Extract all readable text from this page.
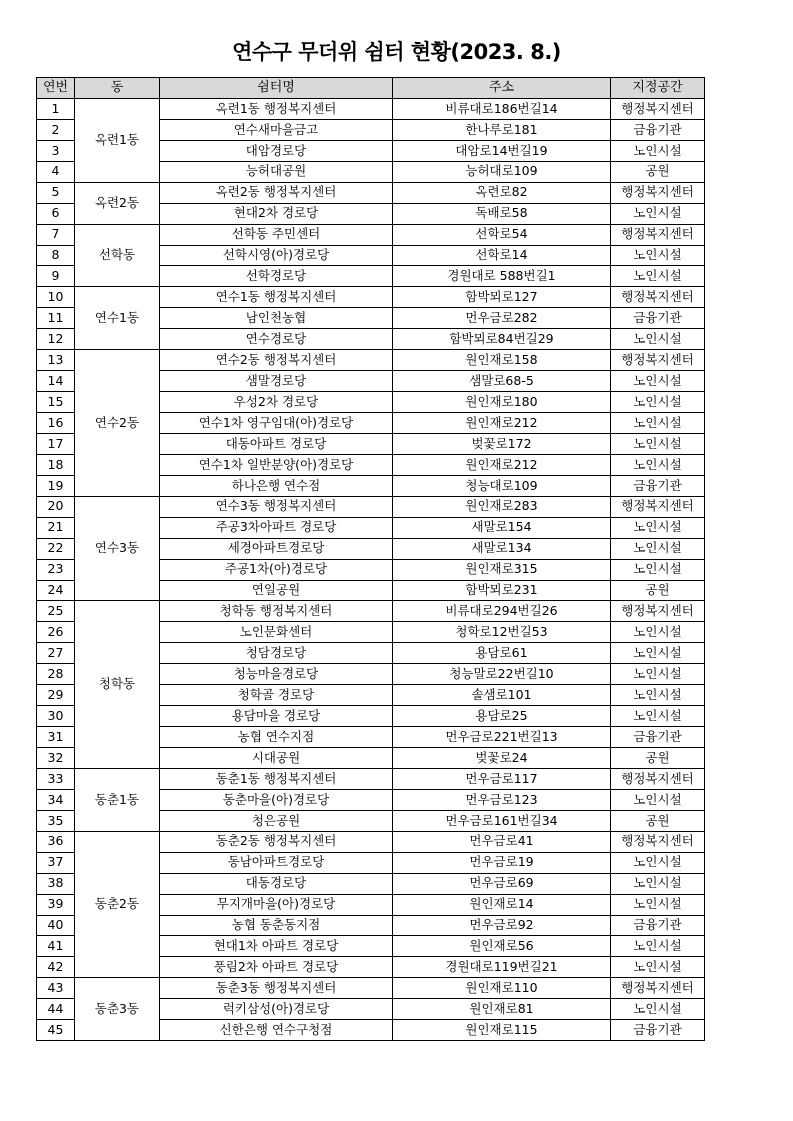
연수구 무더위 쉼터 현황(2023. 8.)
연번	동	쉼터명	주소	지정공간
1	옥련1동	옥련1동 행정복지센터	비류대로186번길14	행정복지센터
2		연수새마을금고	한나루로181	금융기관
3		대암경로당	대암로14번길19	노인시설
4		능허대공원	능허대로109	공원
5	옥련2동	옥련2동 행정복지센터	옥련로82	행정복지센터
6		현대2차 경로당	독배로58	노인시설
7	선학동	선학동 주민센터	선학로54	행정복지센터
8		선학시영(아)경로당	선학로14	노인시설
9		선학경로당	경원대로 588번길1	노인시설
10	연수1동	연수1동 행정복지센터	함박뫼로127	행정복지센터
11		남인천농협	먼우금로282	금융기관
12		연수경로당	함박뫼로84번길29	노인시설
13	연수2동	연수2동 행정복지센터	원인재로158	행정복지센터
14		샘말경로당	샘말로68-5	노인시설
15		우성2차 경로당	원인재로180	노인시설
16		연수1차 영구임대(아)경로당	원인재로212	노인시설
17		대동아파트 경로당	벚꽃로172	노인시설
18		연수1차 일반분양(아)경로당	원인재로212	노인시설
19		하나은행 연수점	청능대로109	금융기관
20	연수3동	연수3동 행정복지센터	원인재로283	행정복지센터
21		주공3차아파트 경로당	새말로154	노인시설
22		세경아파트경로당	새말로134	노인시설
23		주공1차(아)경로당	원인재로315	노인시설
24		연일공원	함박뫼로231	공원
25	청학동	청학동 행정복지센터	비류대로294번길26	행정복지센터
26		노인문화센터	청학로12번길53	노인시설
27		청담경로당	용담로61	노인시설
28		청능마을경로당	청능말로22번길10	노인시설
29		청학골 경로당	솔샘로101	노인시설
30		용담마을 경로당	용담로25	노인시설
31		농협 연수지점	먼우금로221번길13	금융기관
32		시대공원	벚꽃로24	공원
33	동춘1동	동춘1동 행정복지센터	먼우금로117	행정복지센터
34		동춘마을(아)경로당	먼우금로123	노인시설
35		청은공원	먼우금로161번길34	공원
36	동춘2동	동춘2동 행정복지센터	먼우금로41	행정복지센터
37		동남아파트경로당	먼우금로19	노인시설
38		대동경로당	먼우금로69	노인시설
39		무지개마을(아)경로당	원인재로14	노인시설
40		농협 동춘동지점	먼우금로92	금융기관
41		현대1차 아파트 경로당	원인재로56	노인시설
42		풍림2차 아파트 경로당	경원대로119번길21	노인시설
43	동춘3동	동춘3동 행정복지센터	원인재로110	행정복지센터
44		럭키삼성(아)경로당	원인재로81	노인시설
45		신한은행 연수구청점	원인재로115	금융기관
